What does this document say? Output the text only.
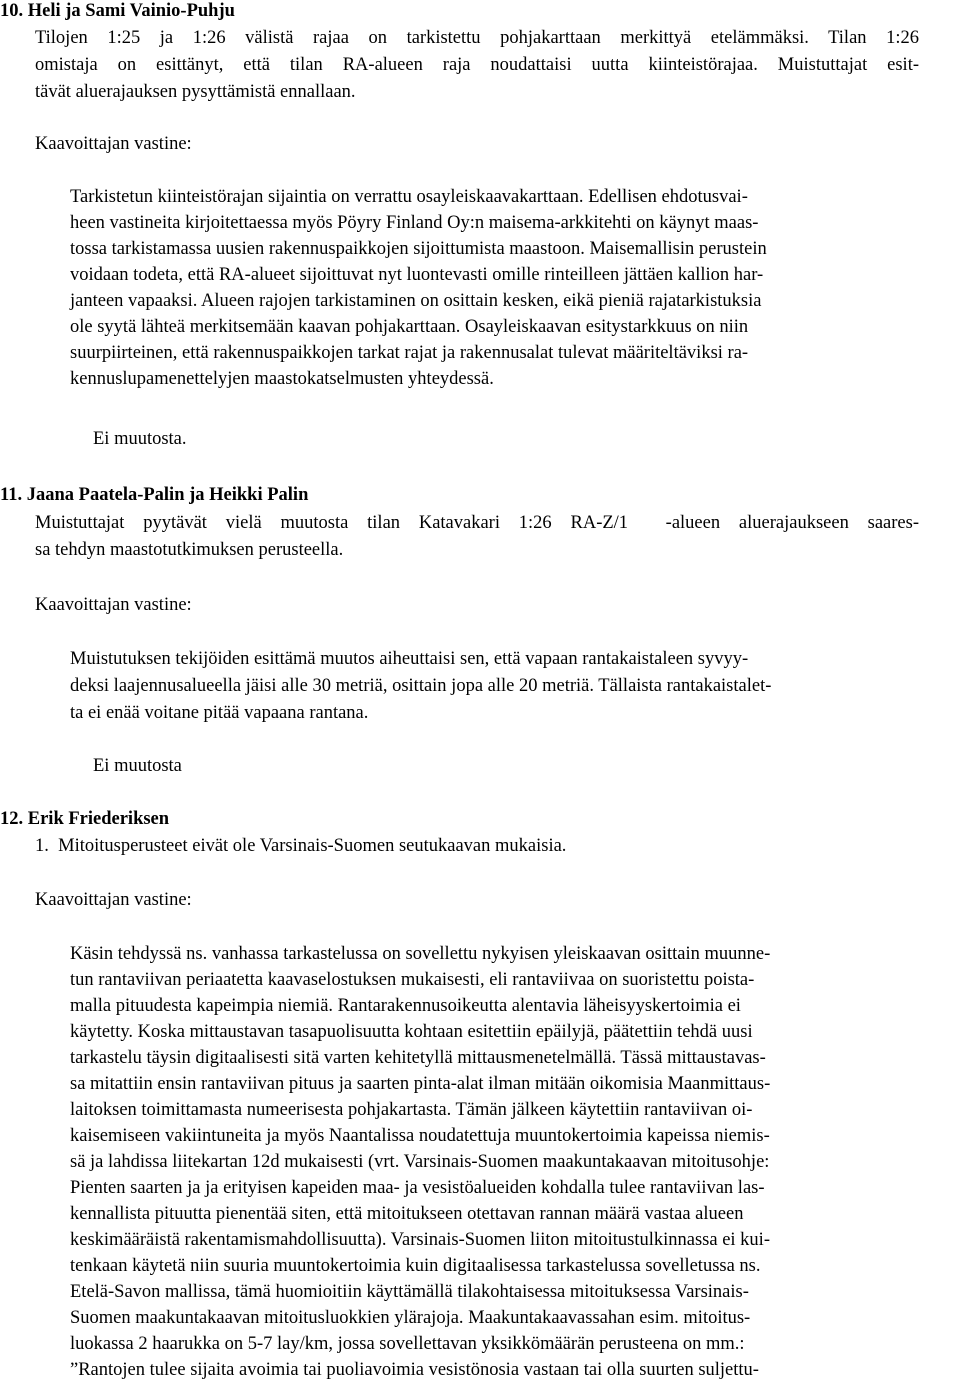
10. Heli ja Sami Vainio-Puhju
Tilojen 1:25 ja 1:26 välistä rajaa on tarkistettu pohjakarttaan merkittyä etelämmäksi. Tilan 1:26
omistaja on esittänyt, että tilan RA-alueen raja noudattaisi uutta kiinteistörajaa. Muistuttajat esit-
tävät aluerajauksen pysyttämistä ennallaan.
Kaavoittajan vastine:
Tarkistetun kiinteistörajan sijaintia on verrattu osayleiskaavakarttaan. Edellisen ehdotusvai-
heen vastineita kirjoitettaessa myös Pöyry Finland Oy:n maisema-arkkitehti on käynyt maas-
tossa tarkistamassa uusien rakennuspaikkojen sijoittumista maastoon. Maisemallisin perustein
voidaan todeta, että RA-alueet sijoittuvat nyt luontevasti omille rinteilleen jättäen kallion har-
janteen vapaaksi. Alueen rajojen tarkistaminen on osittain kesken, eikä pieniä rajatarkistuksia
ole syytä lähteä merkitsemään kaavan pohjakarttaan. Osayleiskaavan esitystarkkuus on niin
suurpiirteinen, että rakennuspaikkojen tarkat rajat ja rakennusalat tulevat määriteltäviksi ra-
kennuslupamenettelyjen maastokatselmusten yhteydessä.
Ei muutosta.
11. Jaana Paatela-Palin ja Heikki Palin
Muistuttajat pyytävät vielä muutosta tilan Katavakari 1:26 RA-Z/1  -alueen aluerajaukseen saares-
sa tehdyn maastotutkimuksen perusteella.
Kaavoittajan vastine:
Muistutuksen tekijöiden esittämä muutos aiheuttaisi sen, että vapaan rantakaistaleen syvyy-
deksi laajennusalueella jäisi alle 30 metriä, osittain jopa alle 20 metriä. Tällaista rantakaistalet-
ta ei enää voitane pitää vapaana rantana.
Ei muutosta
12. Erik Friederiksen
1.  Mitoitusperusteet eivät ole Varsinais-Suomen seutukaavan mukaisia.
Kaavoittajan vastine:
Käsin tehdyssä ns. vanhassa tarkastelussa on sovellettu nykyisen yleiskaavan osittain muunne-
tun rantaviivan periaatetta kaavaselostuksen mukaisesti, eli rantaviivaa on suoristettu poista-
malla pituudesta kapeimpia niemiä. Rantarakennusoikeutta alentavia läheisyyskertoimia ei
käytetty. Koska mittaustavan tasapuolisuutta kohtaan esitettiin epäilyjä, päätettiin tehdä uusi
tarkastelu täysin digitaalisesti sitä varten kehitetyllä mittausmenetelmällä. Tässä mittaustavas-
sa mitattiin ensin rantaviivan pituus ja saarten pinta-alat ilman mitään oikomisia Maanmittaus-
laitoksen toimittamasta numeerisesta pohjakartasta. Tämän jälkeen käytettiin rantaviivan oi-
kaisemiseen vakiintuneita ja myös Naantalissa noudatettuja muuntokertoimia kapeissa niemis-
sä ja lahdissa liitekartan 12d mukaisesti (vrt. Varsinais-Suomen maakuntakaavan mitoitusohje:
Pienten saarten ja ja erityisen kapeiden maa- ja vesistöalueiden kohdalla tulee rantaviivan las-
kennallista pituutta pienentää siten, että mitoitukseen otettavan rannan määrä vastaa alueen
keskimääräistä rakentamismahdollisuutta). Varsinais-Suomen liiton mitoitustulkinnassa ei kui-
tenkaan käytetä niin suuria muuntokertoimia kuin digitaalisessa tarkastelussa sovelletussa ns.
Etelä-Savon mallissa, tämä huomioitiin käyttämällä tilakohtaisessa mitoituksessa Varsinais-
Suomen maakuntakaavan mitoitusluokkien ylärajoja. Maakuntakaavassahan esim. mitoitus-
luokassa 2 haarukka on 5-7 lay/km, jossa sovellettavan yksikkömäärän perusteena on mm.:
”Rantojen tulee sijaita avoimia tai puoliavoimia vesistönosia vastaan tai olla suurten suljettu-
